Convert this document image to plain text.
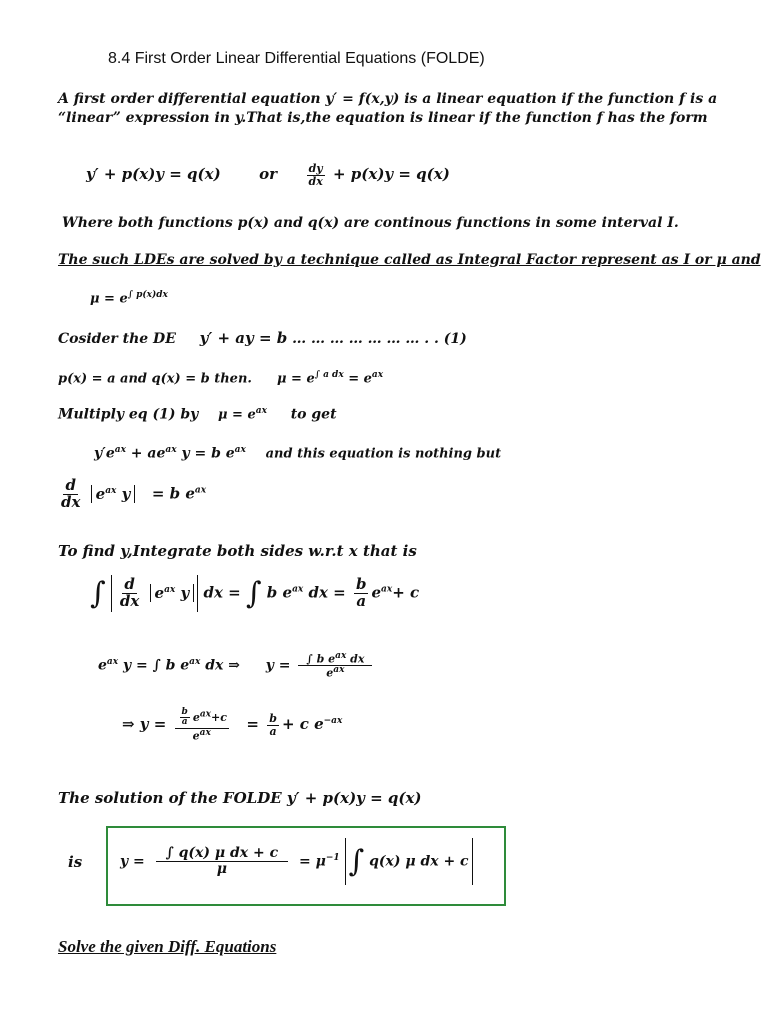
8.4 First Order Linear Differential Equations (FOLDE)
A first order differential equation y′ = f(x,y) is a linear equation if the function f is a
“linear” expression in y.That is,the equation is linear if the function f has the form
y′ + p(x)y = q(x)	or	$\frac{dy}{dx} + p(x)y = q(x)$
Where both functions p(x) and q(x) are continous functions in some interval I.
The such LDEs are solved by a technique called as Integral Factor represent as I or μ and
$\mu = e^{\int p(x)dx}$
Cosider the DE y′ + ay = b … … … … … … … . . (1)
p(x) = a and q(x) = b then. $\mu = e^{\int a dx} = e^{ax}$
Multiply eq (1) by $\mu = e^{ax}$ to get
$y'e^{ax} + ae^{ax}$ y = b $e^{ax}$ and this equation is nothing but
$\frac{d}{dx} e^{ax}$ y = b $e^{ax}$
To find y,Integrate both sides w.r.t x that is
∫ $\frac{d}{dx} e^{ax}$ y dx = ∫ b $e^{ax}$ dx = $\frac{b}{a} e^{ax}+ c$
$e^{ax}$ y = ∫ b $e^{ax}$ dx ⇒ $y = \frac{\int b e^{ax} dx}{e^{ax}}$
⇒ $y = \frac{\frac{b}{a} e^{ax}+c}{e^{ax}} = \frac{b}{a} + c$ $e^{-ax}$
The solution of the FOLDE y′ + p(x)y = q(x)
is	$y = \frac{\text{∫ q(x) μ dx + c}}{\mu} = \mu^{-1}$ ∫ q(x) μ dx + c
Solve the given Diff. Equations
